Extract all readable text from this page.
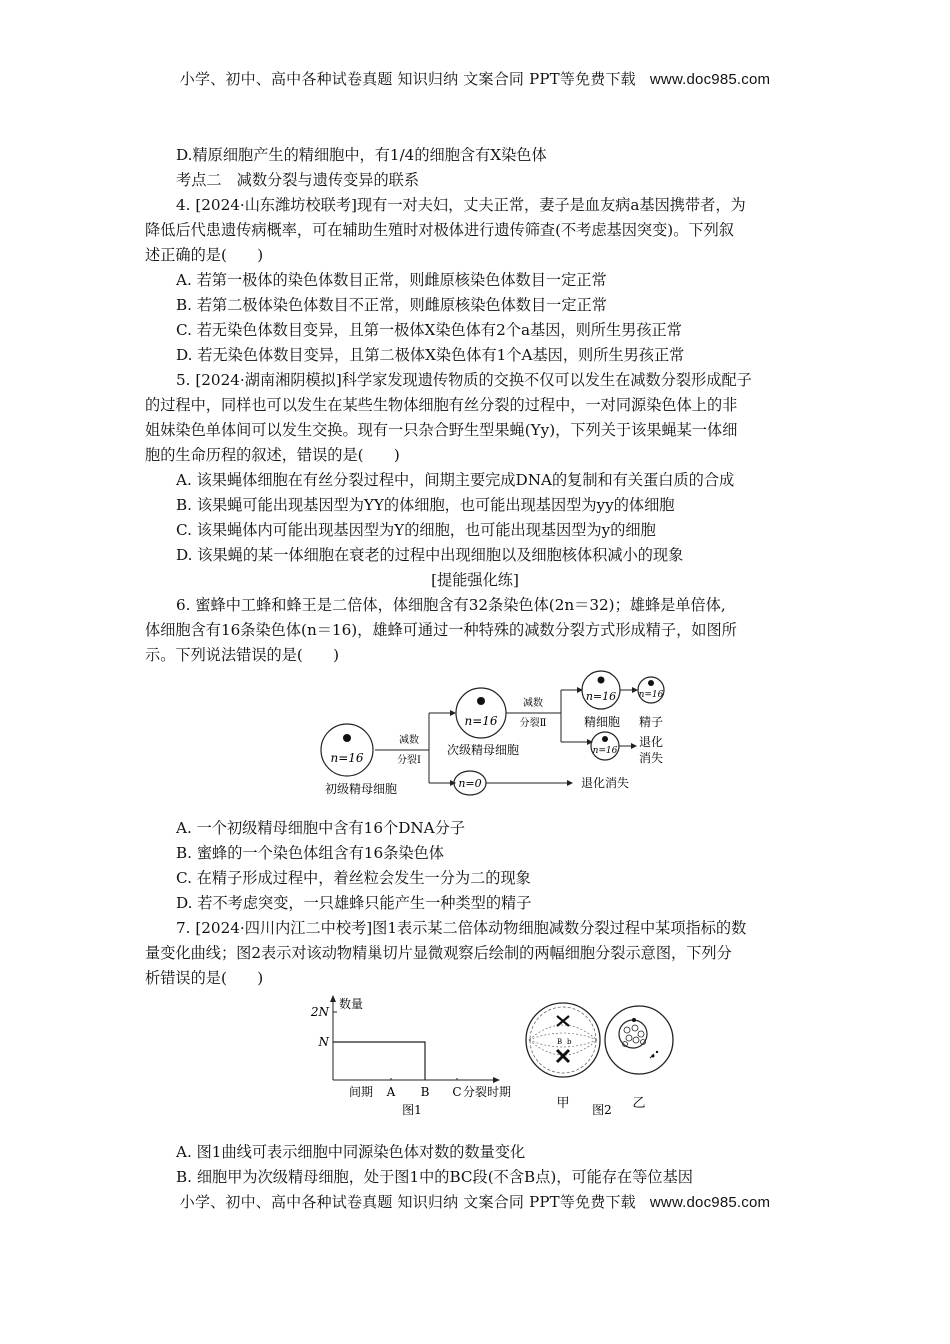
小学、初中、高中各种试卷真题 知识归纳 文案合同 PPT等免费下载 www.doc985.com
D.精原细胞产生的精细胞中，有1/4的细胞含有X染色体
考点二　减数分裂与遗传变异的联系
4. [2024·山东潍坊校联考]现有一对夫妇，丈夫正常，妻子是血友病a基因携带者，为
降低后代患遗传病概率，可在辅助生殖时对极体进行遗传筛查(不考虑基因突变)。下列叙
述正确的是(　　)
A. 若第一极体的染色体数目正常，则雌原核染色体数目一定正常
B. 若第二极体染色体数目不正常，则雌原核染色体数目一定正常
C. 若无染色体数目变异，且第一极体X染色体有2个a基因，则所生男孩正常
D. 若无染色体数目变异，且第二极体X染色体有1个A基因，则所生男孩正常
5. [2024·湖南湘阴模拟]科学家发现遗传物质的交换不仅可以发生在减数分裂形成配子
的过程中，同样也可以发生在某些生物体细胞有丝分裂的过程中，一对同源染色体上的非
姐妹染色单体间可以发生交换。现有一只杂合野生型果蝇(Yy)，下列关于该果蝇某一体细
胞的生命历程的叙述，错误的是(　　)
A. 该果蝇体细胞在有丝分裂过程中，间期主要完成DNA的复制和有关蛋白质的合成
B. 该果蝇可能出现基因型为YY的体细胞，也可能出现基因型为yy的体细胞
C. 该果蝇体内可能出现基因型为Y的细胞，也可能出现基因型为y的细胞
D. 该果蝇的某一体细胞在衰老的过程中出现细胞以及细胞核体积减小的现象
[提能强化练]
6. 蜜蜂中工蜂和蜂王是二倍体，体细胞含有32条染色体(2n＝32)；雄蜂是单倍体,
体细胞含有16条染色体(n＝16)，雄蜂可通过一种特殊的减数分裂方式形成精子，如图所
示。下列说法错误的是(　　)
n=16
初级精母细胞
减数
分裂Ⅰ
n=16
次级精母细胞
n=0	退化消失
减数
分裂Ⅱ
n=16
精细胞
n=16
精子
n=16
退化
消失
A. 一个初级精母细胞中含有16个DNA分子
B. 蜜蜂的一个染色体组含有16条染色体
C. 在精子形成过程中，着丝粒会发生一分为二的现象
D. 若不考虑突变，一只雄蜂只能产生一种类型的精子
7. [2024·四川内江二中校考]图1表示某二倍体动物细胞减数分裂过程中某项指标的数
量变化曲线；图2表示对该动物精巢切片显微观察后绘制的两幅细胞分裂示意图，下列分
析错误的是(　　)
数量
2N
N
间期 A B C 分裂时期
图1
B b
甲	乙
图2
A. 图1曲线可表示细胞中同源染色体对数的数量变化
B. 细胞甲为次级精母细胞，处于图1中的BC段(不含B点)，可能存在等位基因
小学、初中、高中各种试卷真题 知识归纳 文案合同 PPT等免费下载 www.doc985.com
